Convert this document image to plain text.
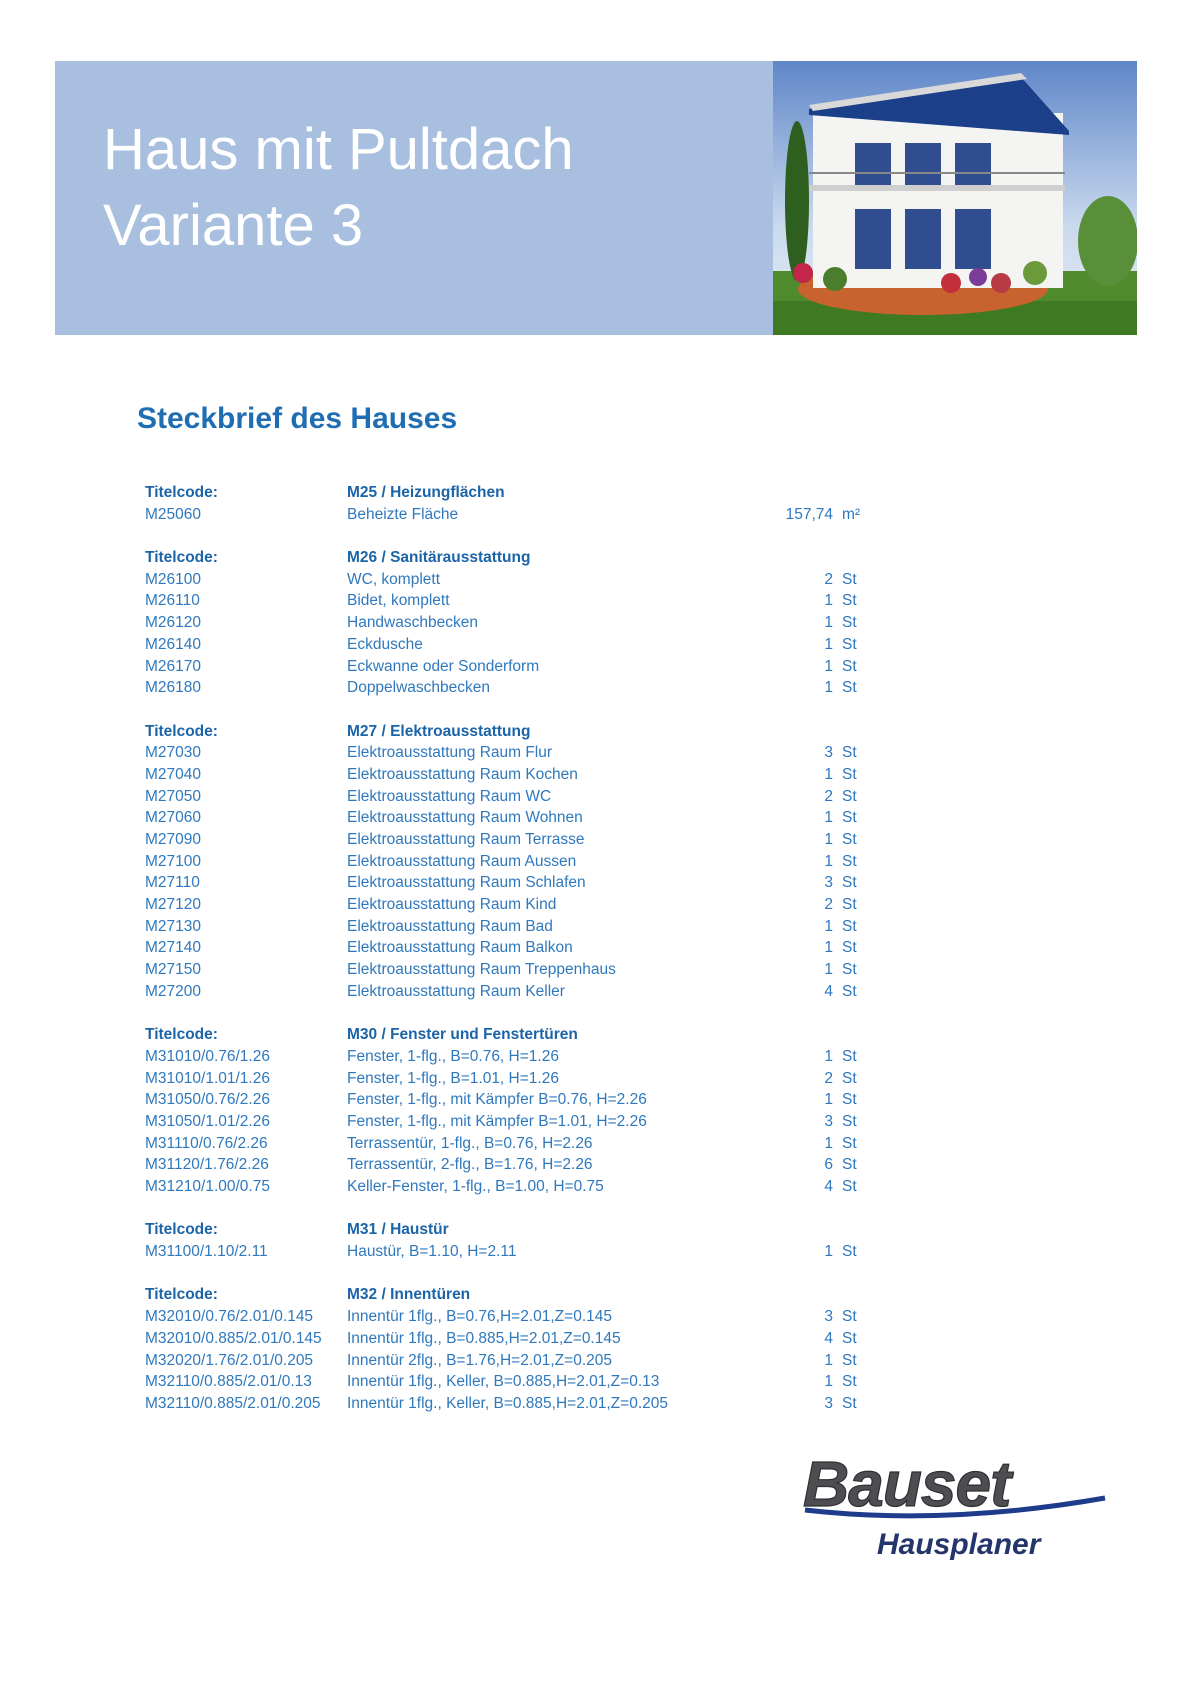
Haus mit Pultdach
Variante 3
Steckbrief des Hauses
Titelcode:	M25 / Heizungflächen
M25060	Beheizte Fläche	157,74 m²
Titelcode:	M26 / Sanitärausstattung
M26100	WC, komplett	2 St
M26110	Bidet, komplett	1 St
M26120	Handwaschbecken	1 St
M26140	Eckdusche	1 St
M26170	Eckwanne oder Sonderform	1 St
M26180	Doppelwaschbecken	1 St
Titelcode:	M27 / Elektroausstattung
M27030	Elektroausstattung Raum Flur	3 St
M27040	Elektroausstattung Raum Kochen	1 St
M27050	Elektroausstattung Raum WC	2 St
M27060	Elektroausstattung Raum Wohnen	1 St
M27090	Elektroausstattung Raum Terrasse	1 St
M27100	Elektroausstattung Raum Aussen	1 St
M27110	Elektroausstattung Raum Schlafen	3 St
M27120	Elektroausstattung Raum Kind	2 St
M27130	Elektroausstattung Raum Bad	1 St
M27140	Elektroausstattung Raum Balkon	1 St
M27150	Elektroausstattung Raum Treppenhaus	1 St
M27200	Elektroausstattung Raum Keller	4 St
Titelcode:	M30 / Fenster und Fenstertüren
M31010/0.76/1.26	Fenster, 1-flg., B=0.76, H=1.26	1 St
M31010/1.01/1.26	Fenster, 1-flg., B=1.01, H=1.26	2 St
M31050/0.76/2.26	Fenster, 1-flg., mit Kämpfer B=0.76, H=2.26	1 St
M31050/1.01/2.26	Fenster, 1-flg., mit Kämpfer B=1.01, H=2.26	3 St
M31110/0.76/2.26	Terrassentür, 1-flg., B=0.76, H=2.26	1 St
M31120/1.76/2.26	Terrassentür, 2-flg., B=1.76, H=2.26	6 St
M31210/1.00/0.75	Keller-Fenster, 1-flg., B=1.00, H=0.75	4 St
Titelcode:	M31 / Haustür
M31100/1.10/2.11	Haustür, B=1.10, H=2.11	1 St
Titelcode:	M32 / Innentüren
M32010/0.76/2.01/0.145 Innentür 1flg., B=0.76,H=2.01,Z=0.145	3 St
M32010/0.885/2.01/0.145 Innentür 1flg., B=0.885,H=2.01,Z=0.145	4 St
M32020/1.76/2.01/0.205 Innentür 2flg., B=1.76,H=2.01,Z=0.205	1 St
M32110/0.885/2.01/0.13 Innentür 1flg., Keller, B=0.885,H=2.01,Z=0.13	1 St
M32110/0.885/2.01/0.205 Innentür 1flg., Keller, B=0.885,H=2.01,Z=0.205	3 St
Bauset
Hausplaner
